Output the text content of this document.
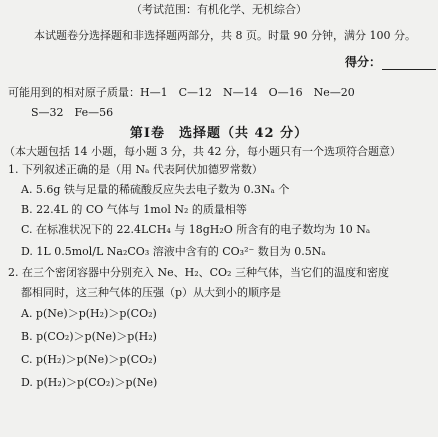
（考试范围：有机化学、无机综合）
本试题卷分选择题和非选择题两部分，共 8 页。时量 90 分钟，满分 100 分。
得分：
可能用到的相对原子质量：H—1　C—12　N—14　O—16　Ne—20
S—32　Fe—56
第Ⅰ卷　选择题（共 42 分）
（本大题包括 14 小题，每小题 3 分，共 42 分，每小题只有一个选项符合题意）
1. 下列叙述正确的是（用 Nₐ 代表阿伏加德罗常数）
A. 5.6g 铁与足量的稀硫酸反应失去电子数为 0.3Nₐ 个
B. 22.4L 的 CO 气体与 1mol N₂ 的质量相等
C. 在标准状况下的 22.4LCH₄ 与 18gH₂O 所含有的电子数均为 10 Nₐ
D. 1L 0.5mol/L Na₂CO₃ 溶液中含有的 CO₃²⁻ 数目为 0.5Nₐ
2. 在三个密闭容器中分别充入 Ne、H₂、CO₂ 三种气体，当它们的温度和密度
都相同时，这三种气体的压强（p）从大到小的顺序是
A. p(Ne)＞p(H₂)＞p(CO₂)
B. p(CO₂)＞p(Ne)＞p(H₂)
C. p(H₂)＞p(Ne)＞p(CO₂)
D. p(H₂)＞p(CO₂)＞p(Ne)
